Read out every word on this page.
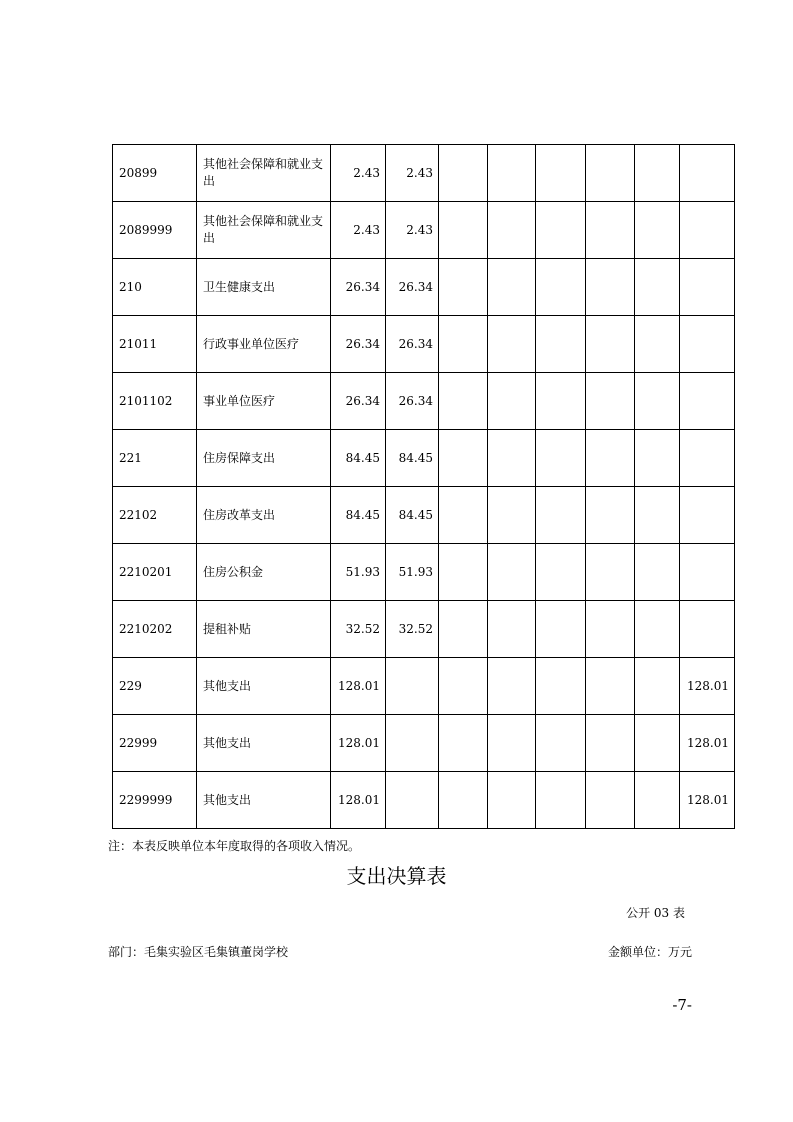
20899	其他社会保障和就业支出	2.43	2.43						
2089999	其他社会保障和就业支出	2.43	2.43						
210	卫生健康支出	26.34	26.34						
21011	行政事业单位医疗	26.34	26.34						
2101102	事业单位医疗	26.34	26.34						
221	住房保障支出	84.45	84.45						
22102	住房改革支出	84.45	84.45						
2210201	住房公积金	51.93	51.93						
2210202	提租补贴	32.52	32.52						
229	其他支出	128.01							128.01
22999	其他支出	128.01							128.01
2299999	其他支出	128.01							128.01
注：本表反映单位本年度取得的各项收入情况。
支出决算表
公开 03 表
部门：毛集实验区毛集镇董岗学校	金额单位：万元
-7-
